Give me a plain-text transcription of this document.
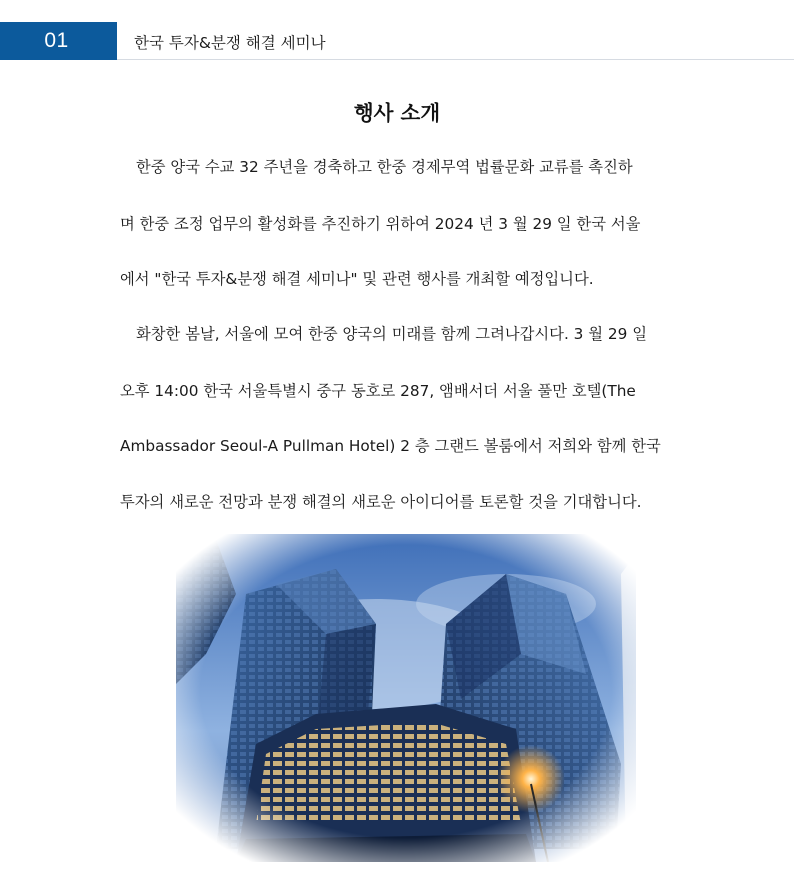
01	한국 투자&분쟁 해결 세미나
행사 소개
한중 양국 수교 32 주년을 경축하고 한중 경제무역 법률문화 교류를 촉진하
며 한중 조정 업무의 활성화를 추진하기 위하여 2024 년 3 월 29 일 한국 서울
에서 "한국 투자&분쟁 해결 세미나" 및 관련 행사를 개최할 예정입니다.
화창한 봄날, 서울에 모여 한중 양국의 미래를 함께 그려나갑시다. 3 월 29 일
오후 14:00 한국 서울특별시 중구 동호로 287, 앰배서더 서울 풀만 호텔(The
Ambassador Seoul-A Pullman Hotel) 2 층 그랜드 볼룸에서 저희와 함께 한국
투자의 새로운 전망과 분쟁 해결의 새로운 아이디어를 토론할 것을 기대합니다.
